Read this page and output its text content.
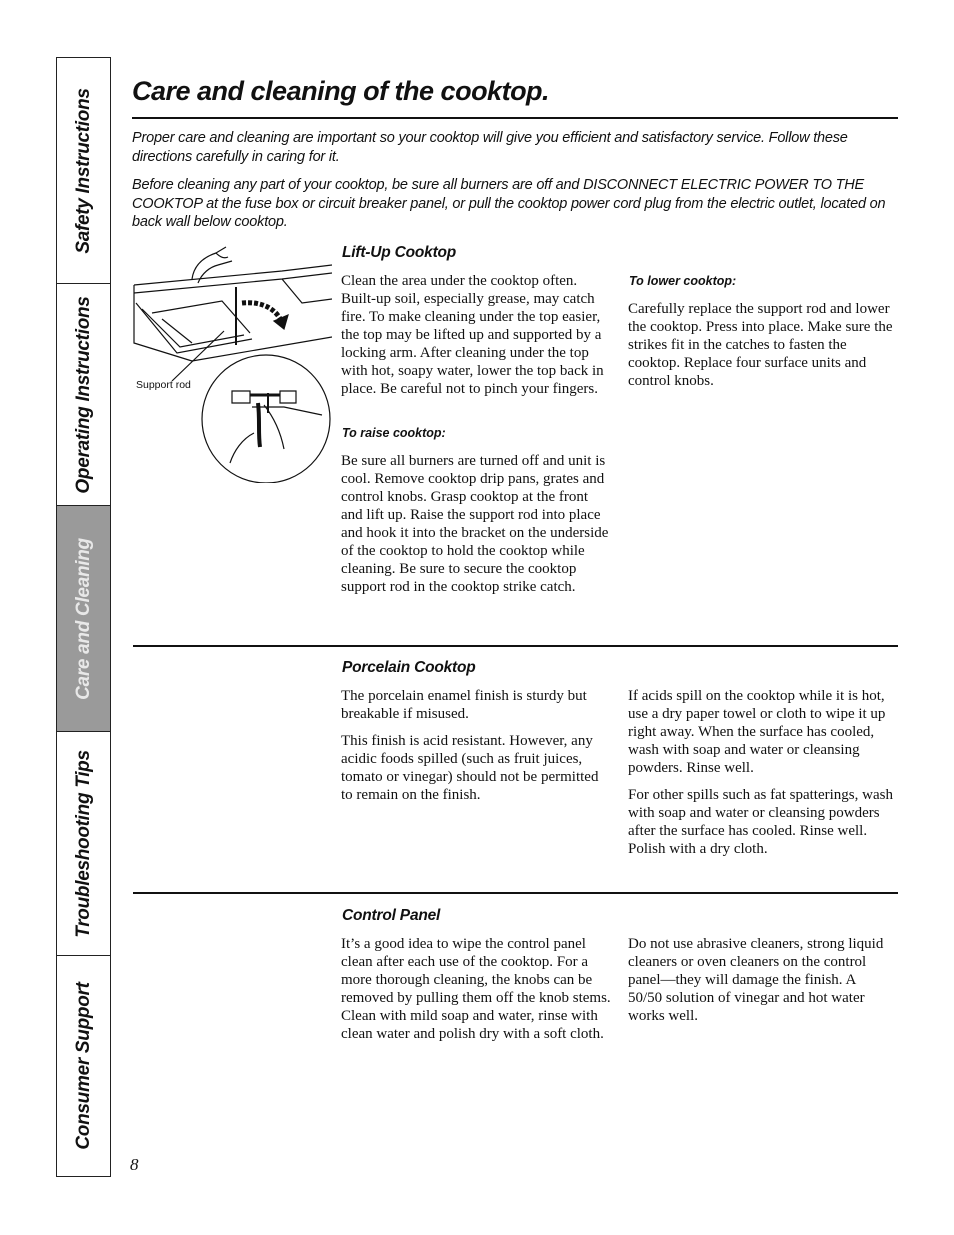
Safety Instructions
Operating Instructions
Care and Cleaning
Troubleshooting Tips
Consumer Support
Care and cleaning of the cooktop.

Proper care and cleaning are important so your cooktop will give you efficient and satisfactory service. Follow these directions carefully in caring for it.

Before cleaning any part of your cooktop, be sure all burners are off and DISCONNECT ELECTRIC POWER TO THE COOKTOP at the fuse box or circuit breaker panel, or pull the cooktop power cord plug from the electric outlet, located on back wall below cooktop.

Support rod
Lift-Up Cooktop

Clean the area under the cooktop often. Built-up soil, especially grease, may catch fire. To make cleaning under the top easier, the top may be lifted up and supported by a locking arm. After cleaning under the top with hot, soapy water, lower the top back in place. Be careful not to pinch your fingers.

To raise cooktop:

Be sure all burners are turned off and unit is cool. Remove cooktop drip pans, grates and control knobs. Grasp cooktop at the front and lift up. Raise the support rod into place and hook it into the bracket on the underside of the cooktop to hold the cooktop while cleaning. Be sure to secure the cooktop support rod in the cooktop strike catch.

To lower cooktop:

Carefully replace the support rod and lower the cooktop. Press into place. Make sure the strikes fit in the catches to fasten the cooktop. Replace four surface units and control knobs.

Porcelain Cooktop

The porcelain enamel finish is sturdy but breakable if misused.

This finish is acid resistant. However, any acidic foods spilled (such as fruit juices, tomato or vinegar) should not be permitted to remain on the finish.

If acids spill on the cooktop while it is hot, use a dry paper towel or cloth to wipe it up right away. When the surface has cooled, wash with soap and water or cleansing powders. Rinse well.

For other spills such as fat spatterings, wash with soap and water or cleansing powders after the surface has cooled. Rinse well. Polish with a dry cloth.

Control Panel

It’s a good idea to wipe the control panel clean after each use of the cooktop. For a more thorough cleaning, the knobs can be removed by pulling them off the knob stems. Clean with mild soap and water, rinse with clean water and polish dry with a soft cloth.

Do not use abrasive cleaners, strong liquid cleaners or oven cleaners on the control panel—they will damage the finish. A 50/50 solution of vinegar and hot water works well.

8
